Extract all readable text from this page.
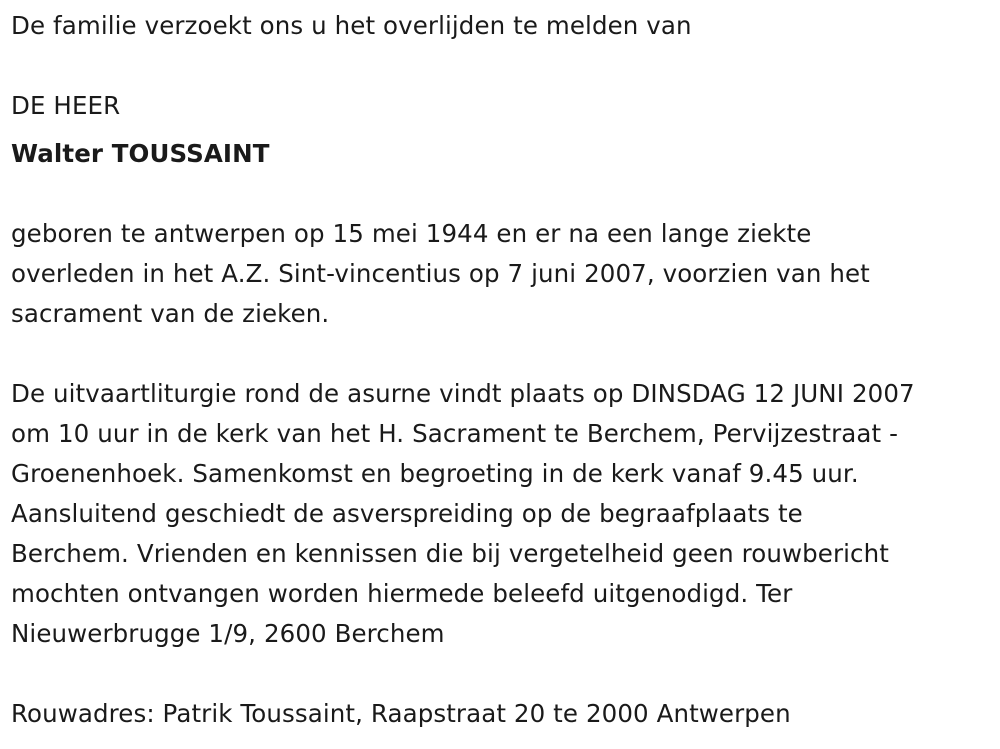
De familie verzoekt ons u het overlijden te melden van
DE HEER
Walter TOUSSAINT
geboren te antwerpen op 15 mei 1944 en er na een lange ziekte
overleden in het A.Z. Sint-vincentius op 7 juni 2007, voorzien van het
sacrament van de zieken.
De uitvaartliturgie rond de asurne vindt plaats op DINSDAG 12 JUNI 2007
om 10 uur in de kerk van het H. Sacrament te Berchem, Pervijzestraat -
Groenenhoek. Samenkomst en begroeting in de kerk vanaf 9.45 uur.
Aansluitend geschiedt de asverspreiding op de begraafplaats te
Berchem. Vrienden en kennissen die bij vergetelheid geen rouwbericht
mochten ontvangen worden hiermede beleefd uitgenodigd. Ter
Nieuwerbrugge 1/9, 2600 Berchem
Rouwadres: Patrik Toussaint, Raapstraat 20 te 2000 Antwerpen
